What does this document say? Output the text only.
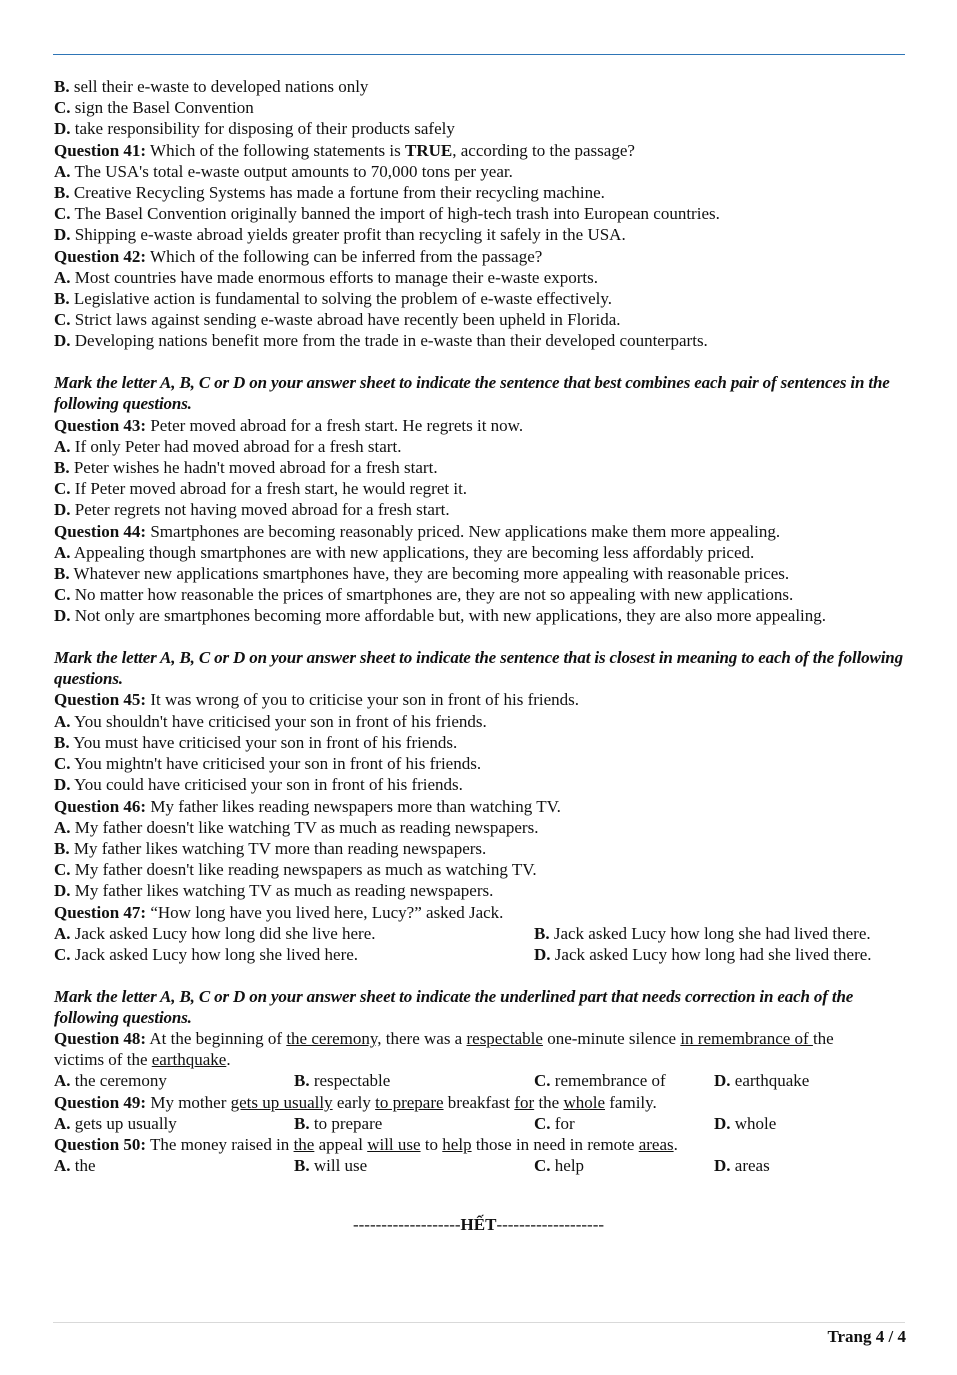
B. sell their e-waste to developed nations only
C. sign the Basel Convention
D. take responsibility for disposing of their products safely
Question 41: Which of the following statements is TRUE, according to the passage?
A. The USA's total e-waste output amounts to 70,000 tons per year.
B. Creative Recycling Systems has made a fortune from their recycling machine.
C. The Basel Convention originally banned the import of high-tech trash into European countries.
D. Shipping e-waste abroad yields greater profit than recycling it safely in the USA.
Question 42: Which of the following can be inferred from the passage?
A. Most countries have made enormous efforts to manage their e-waste exports.
B. Legislative action is fundamental to solving the problem of e-waste effectively.
C. Strict laws against sending e-waste abroad have recently been upheld in Florida.
D. Developing nations benefit more from the trade in e-waste than their developed counterparts.
Mark the letter A, B, C or D on your answer sheet to indicate the sentence that best combines each pair of sentences in the following questions.
Question 43: Peter moved abroad for a fresh start. He regrets it now.
A. If only Peter had moved abroad for a fresh start.
B. Peter wishes he hadn't moved abroad for a fresh start.
C. If Peter moved abroad for a fresh start, he would regret it.
D. Peter regrets not having moved abroad for a fresh start.
Question 44: Smartphones are becoming reasonably priced. New applications make them more appealing.
A. Appealing though smartphones are with new applications, they are becoming less affordably priced.
B. Whatever new applications smartphones have, they are becoming more appealing with reasonable prices.
C. No matter how reasonable the prices of smartphones are, they are not so appealing with new applications.
D. Not only are smartphones becoming more affordable but, with new applications, they are also more appealing.
Mark the letter A, B, C or D on your answer sheet to indicate the sentence that is closest in meaning to each of the following questions.
Question 45: It was wrong of you to criticise your son in front of his friends.
A. You shouldn't have criticised your son in front of his friends.
B. You must have criticised your son in front of his friends.
C. You mightn't have criticised your son in front of his friends.
D. You could have criticised your son in front of his friends.
Question 46: My father likes reading newspapers more than watching TV.
A. My father doesn't like watching TV as much as reading newspapers.
B. My father likes watching TV more than reading newspapers.
C. My father doesn't like reading newspapers as much as watching TV.
D. My father likes watching TV as much as reading newspapers.
Question 47: “How long have you lived here, Lucy?” asked Jack.
A. Jack asked Lucy how long did she live here.	B. Jack asked Lucy how long she had lived there.
C. Jack asked Lucy how long she lived here.	D. Jack asked Lucy how long had she lived there.
Mark the letter A, B, C or D on your answer sheet to indicate the underlined part that needs correction in each of the following questions.
Question 48: At the beginning of the ceremony, there was a respectable one-minute silence in remembrance of the
victims of the earthquake.
A. the ceremony	B. respectable	C. remembrance of	D. earthquake
Question 49: My mother gets up usually early to prepare breakfast for the whole family.
A. gets up usually	B. to prepare	C. for	D. whole
Question 50: The money raised in the appeal will use to help those in need in remote areas.
A. the	B. will use	C. help	D. areas
-------------------HẾT-------------------
Trang 4 / 4
